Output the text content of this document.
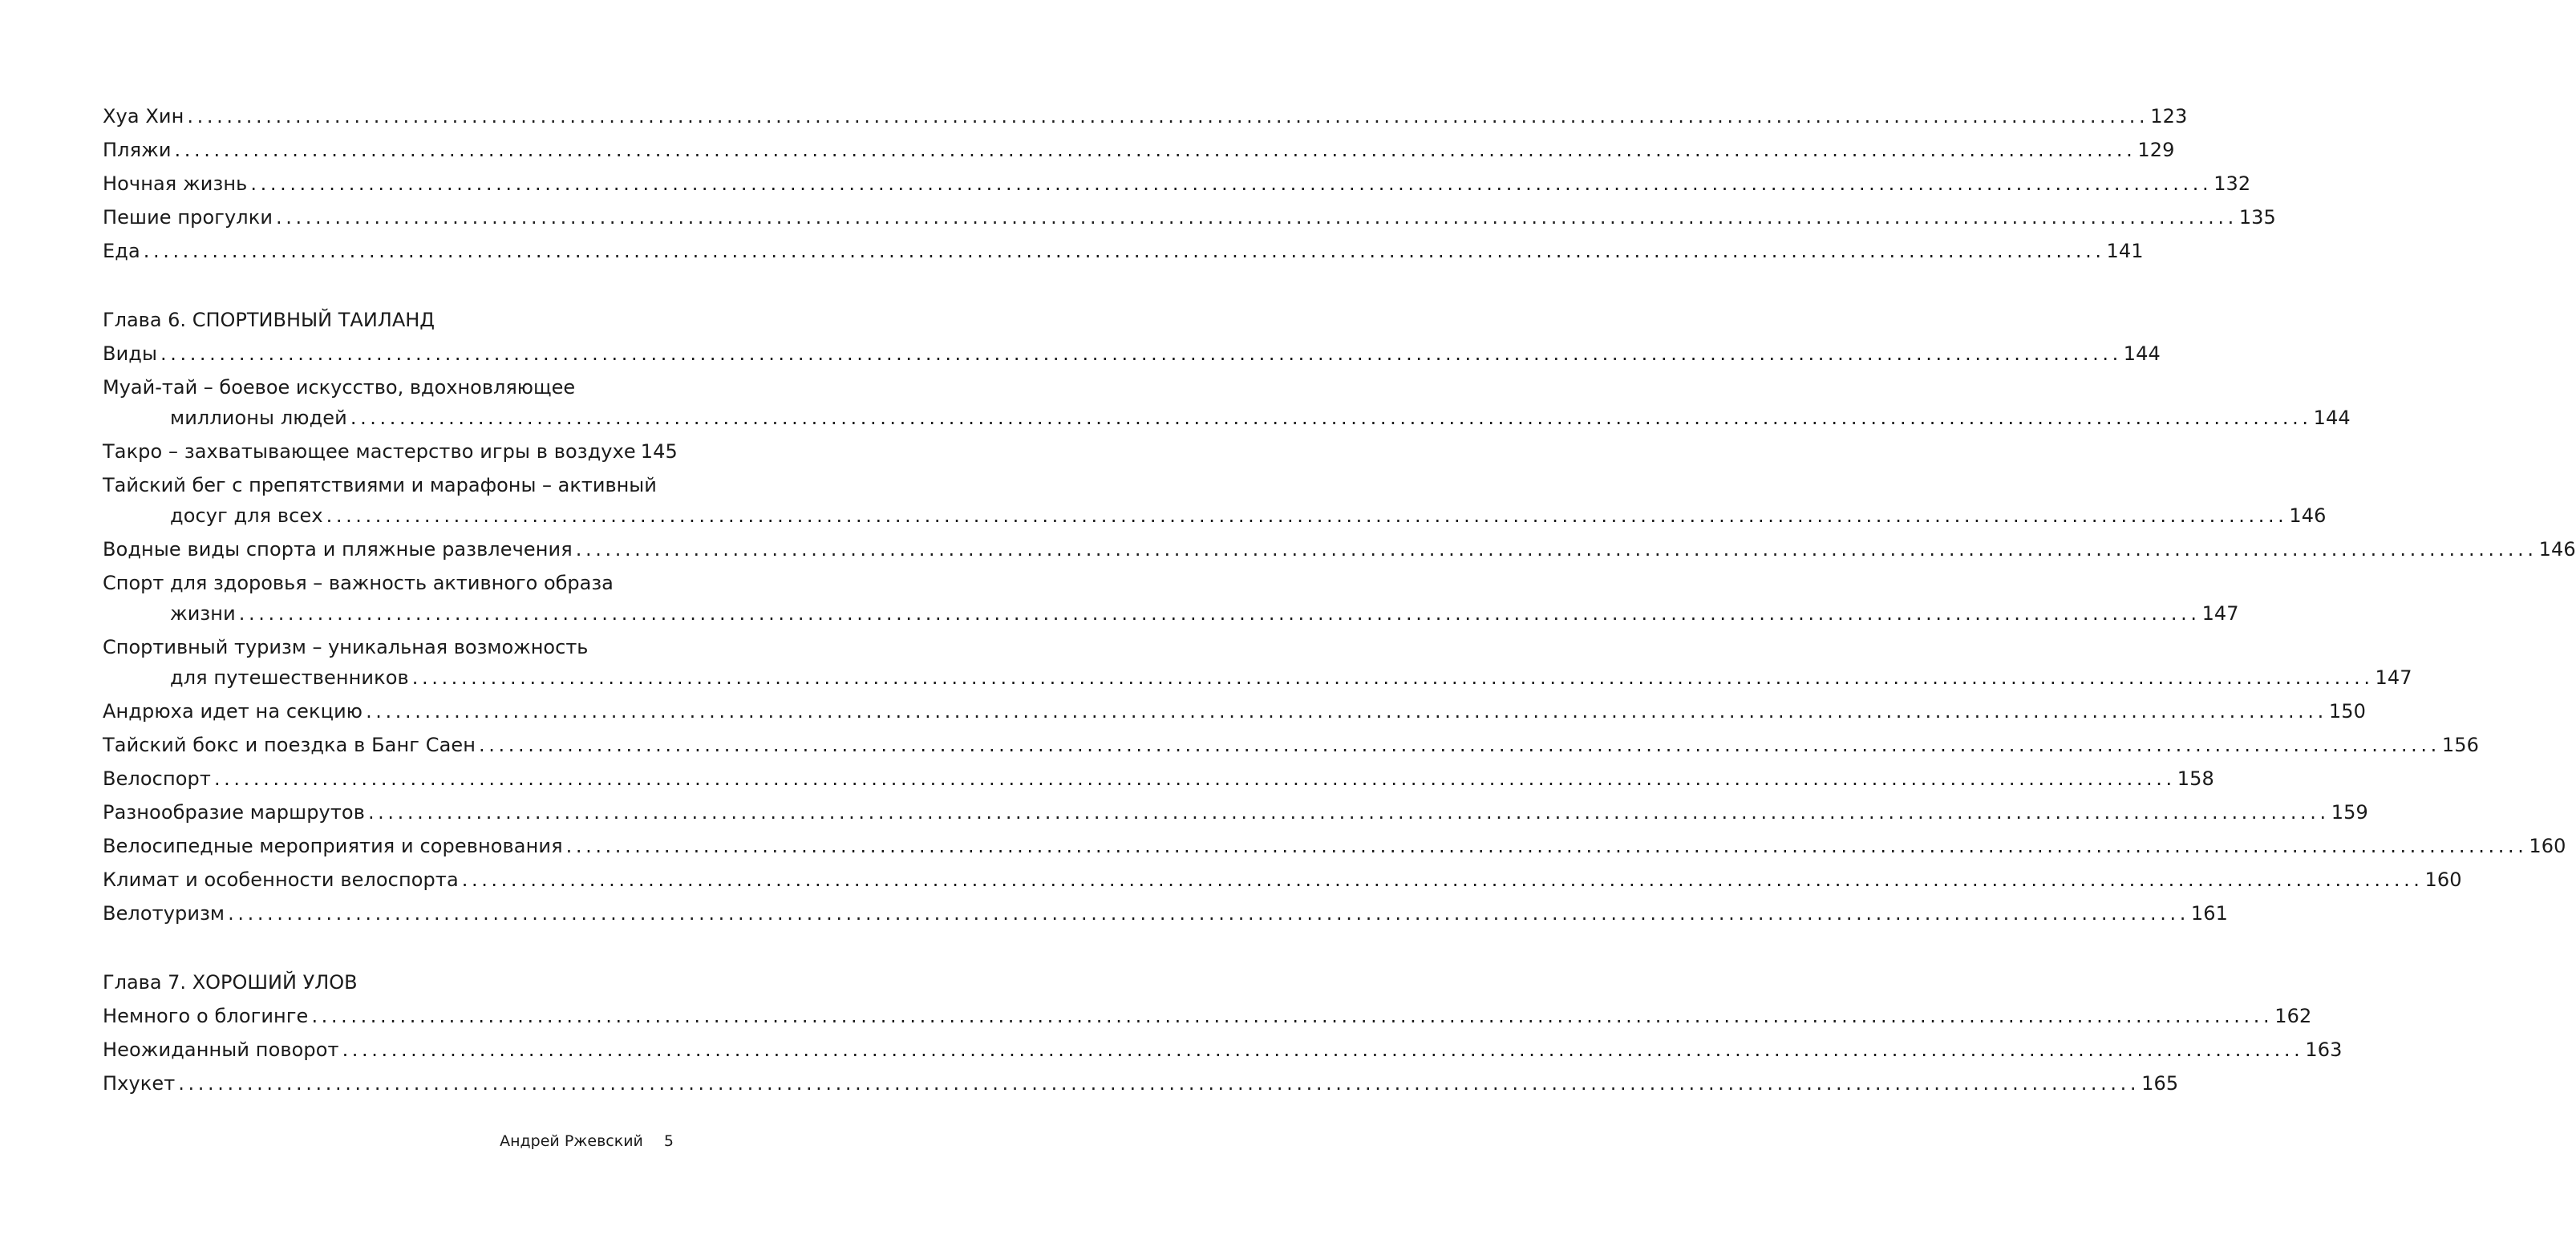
Хуа Хин ........................................................................................................................................................................................................ 123
Пляжи ........................................................................................................................................................................................................ 129
Ночная жизнь ........................................................................................................................................................................................................ 132
Пешие прогулки ........................................................................................................................................................................................................ 135
Еда ........................................................................................................................................................................................................ 141
Глава 6. СПОРТИВНЫЙ ТАИЛАНД
Виды ........................................................................................................................................................................................................ 144
Муай-тай – боевое искусство, вдохновляющее
миллионы людей ........................................................................................................................................................................................................ 144
Такро – захватывающее мастерство игры в воздухе 145
Тайский бег с препятствиями и марафоны – активный
досуг для всех ........................................................................................................................................................................................................ 146
Водные виды спорта и пляжные развлечения ........................................................................................................................................................................................................ 146
Спорт для здоровья – важность активного образа
жизни ........................................................................................................................................................................................................ 147
Спортивный туризм – уникальная возможность
для путешественников ........................................................................................................................................................................................................ 147
Андрюха идет на секцию ........................................................................................................................................................................................................ 150
Тайский бокс и поездка в Банг Саен ........................................................................................................................................................................................................ 156
Велоспорт ........................................................................................................................................................................................................ 158
Разнообразие маршрутов ........................................................................................................................................................................................................ 159
Велосипедные мероприятия и соревнования ........................................................................................................................................................................................................ 160
Климат и особенности велоспорта ........................................................................................................................................................................................................ 160
Велотуризм ........................................................................................................................................................................................................ 161
Глава 7. ХОРОШИЙ УЛОВ
Немного о блогинге ........................................................................................................................................................................................................ 162
Неожиданный поворот ........................................................................................................................................................................................................ 163
Пхукет ........................................................................................................................................................................................................ 165
Андрей Ржевский 5
